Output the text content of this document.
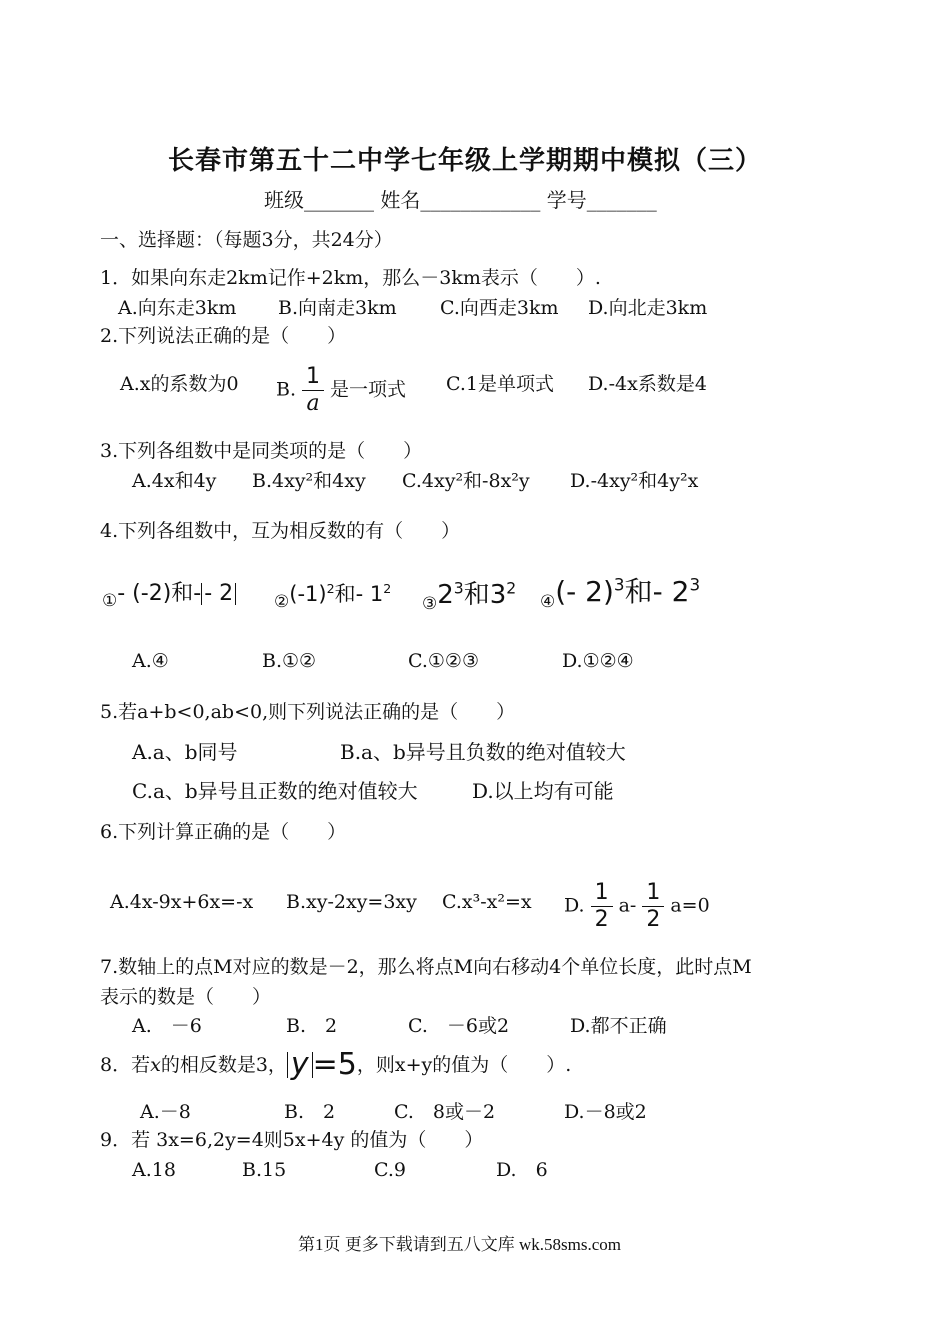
长春市第五十二中学七年级上学期期中模拟（三）
班级_______ 姓名____________ 学号_______
一、选择题：（每题3分，共24分）
1．如果向东走2km记作+2km，那么－3km表示（　　）.
A.向东走3km B.向南走3km C.向西走3km D.向北走3km
2.下列说法正确的是（　　）
A.x的系数为0 B. $\frac{1}{a}$ 是一项式 C.1是单项式 D.-4x系数是4
3.下列各组数中是同类项的是（　　）
A.4x和4y B.4xy²和4xy C.4xy²和-8x²y D.-4xy²和4y²x
4.下列各组数中，互为相反数的有（　　）
$_①$- (-2)和- - 2 $_②(-1)^2$和- $1^2$
$_③2^3$和$3^2$
$_④$(- 2)$^3$和- $2^3$
A.④	B.①②	C.①②③	D.①②④
5.若a+b<0,ab<0,则下列说法正确的是（　　）
A.a、b同号	B.a、b异号且负数的绝对值较大
C.a、b异号且正数的绝对值较大	D.以上均有可能
6.下列计算正确的是（　　）
A.4x-9x+6x=-x B.xy-2xy=3xy C.x³-x²=x D. $\frac{1}{2} a- \frac{1}{2} a=0$
7.数轴上的点M对应的数是－2，那么将点M向右移动4个单位长度，此时点M
表示的数是（　　）
A.　－6	B.　2	C.　－6或2	D.都不正确
8．若x的相反数是3， y =5，则x+y的值为（　　）.
A.－8	B.　2	C.　8或－2	D.－8或2
9．若 3x=6,2y=4则5x+4y 的值为（　　）
A.18	B.15	C.9	D.　6
第1页 更多下载请到五八文库 wk.58sms.com
